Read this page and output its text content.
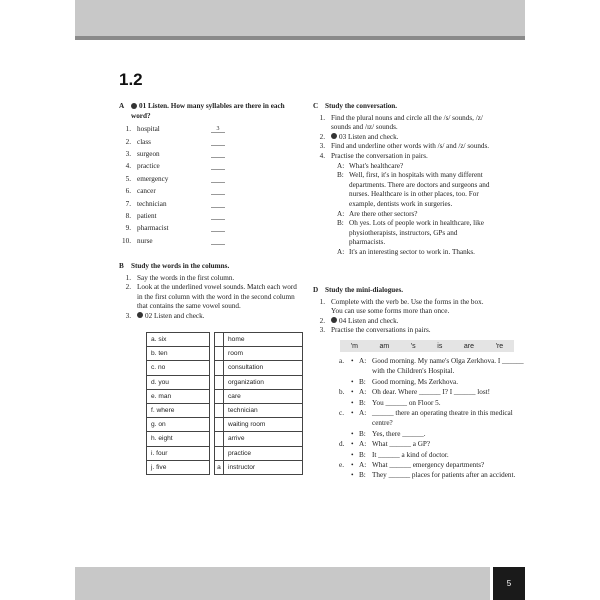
1.2
A	01 Listen. How many syllables are there in each word?
1. hospital	3
2. class
3. surgeon
4. practice
5. emergency
6. cancer
7. technician
8. patient
9. pharmacist
10. nurse
B	Study the words in the columns.
1. Say the words in the first column.
2. Look at the underlined vowel sounds. Match each word in the first column with the word in the second column that contains the same vowel sound.
3.	02 Listen and check.
a. six			home
b. ten			room
c. no			consultation
d. you			organization
e. man			care
f. where			technician
g. on			waiting room
h. eight			arrive
i. four			practice
j. five		a	instructor
C Study the conversation.
1. Find the plural nouns and circle all the /s/ sounds, /z/ sounds and /ɪz/ sounds.
2.	03 Listen and check.
3. Find and underline other words with /s/ and /z/ sounds.
4. Practise the conversation in pairs.
A: What's healthcare?
B: Well, first, it's in hospitals with many different departments. There are doctors and surgeons and nurses. Healthcare is in other places, too. For example, dentists work in surgeries.
A: Are there other sectors?
B: Oh yes. Lots of people work in healthcare, like physiotherapists, instructors, GPs and pharmacists.
A: It's an interesting sector to work in. Thanks.
D Study the mini-dialogues.
1. Complete with the verb be. Use the forms in the box. You can use some forms more than once.
2.	04 Listen and check.
3. Practise the conversations in pairs.
'm	am	's	is	are	're
a. • A: Good morning. My name's Olga Zerkhova. I ______ with the Children's Hospital.
• B: Good morning, Ms Zerkhova.
b. • A: Oh dear. Where ______ I? I ______ lost!
• B: You ______ on Floor 5.
c. • A: ______ there an operating theatre in this medical centre?
• B: Yes, there ______.
d. • A: What ______ a GP?
• B: It ______ a kind of doctor.
e. • A: What ______ emergency departments?
• B: They ______ places for patients after an accident.
5
